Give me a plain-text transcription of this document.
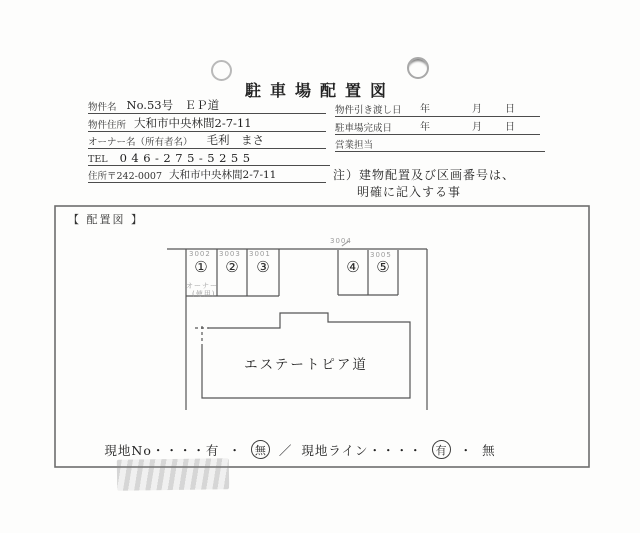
駐車場配置図
物件名 No.53号　ＥＰ道
物件住所 大和市中央林間2-7-11
オーナー名（所有者名） 毛利　まさ
TEL 046-275-5255
住所〒242-0007 大和市中央林間2-7-11
物件引き渡し日 年	月 日
駐車場完成日	年	月 日
営業担当
注）建物配置及び区画番号は、
明確に記入する事
【 配置図 】
① ② ③	④ ⑤
3002 3003 3001
3004
3005
オーナー
(使用)
エステートピア道
現地No・・・・有 ・	無	／ 現地ライン・・・・	有	・ 無
